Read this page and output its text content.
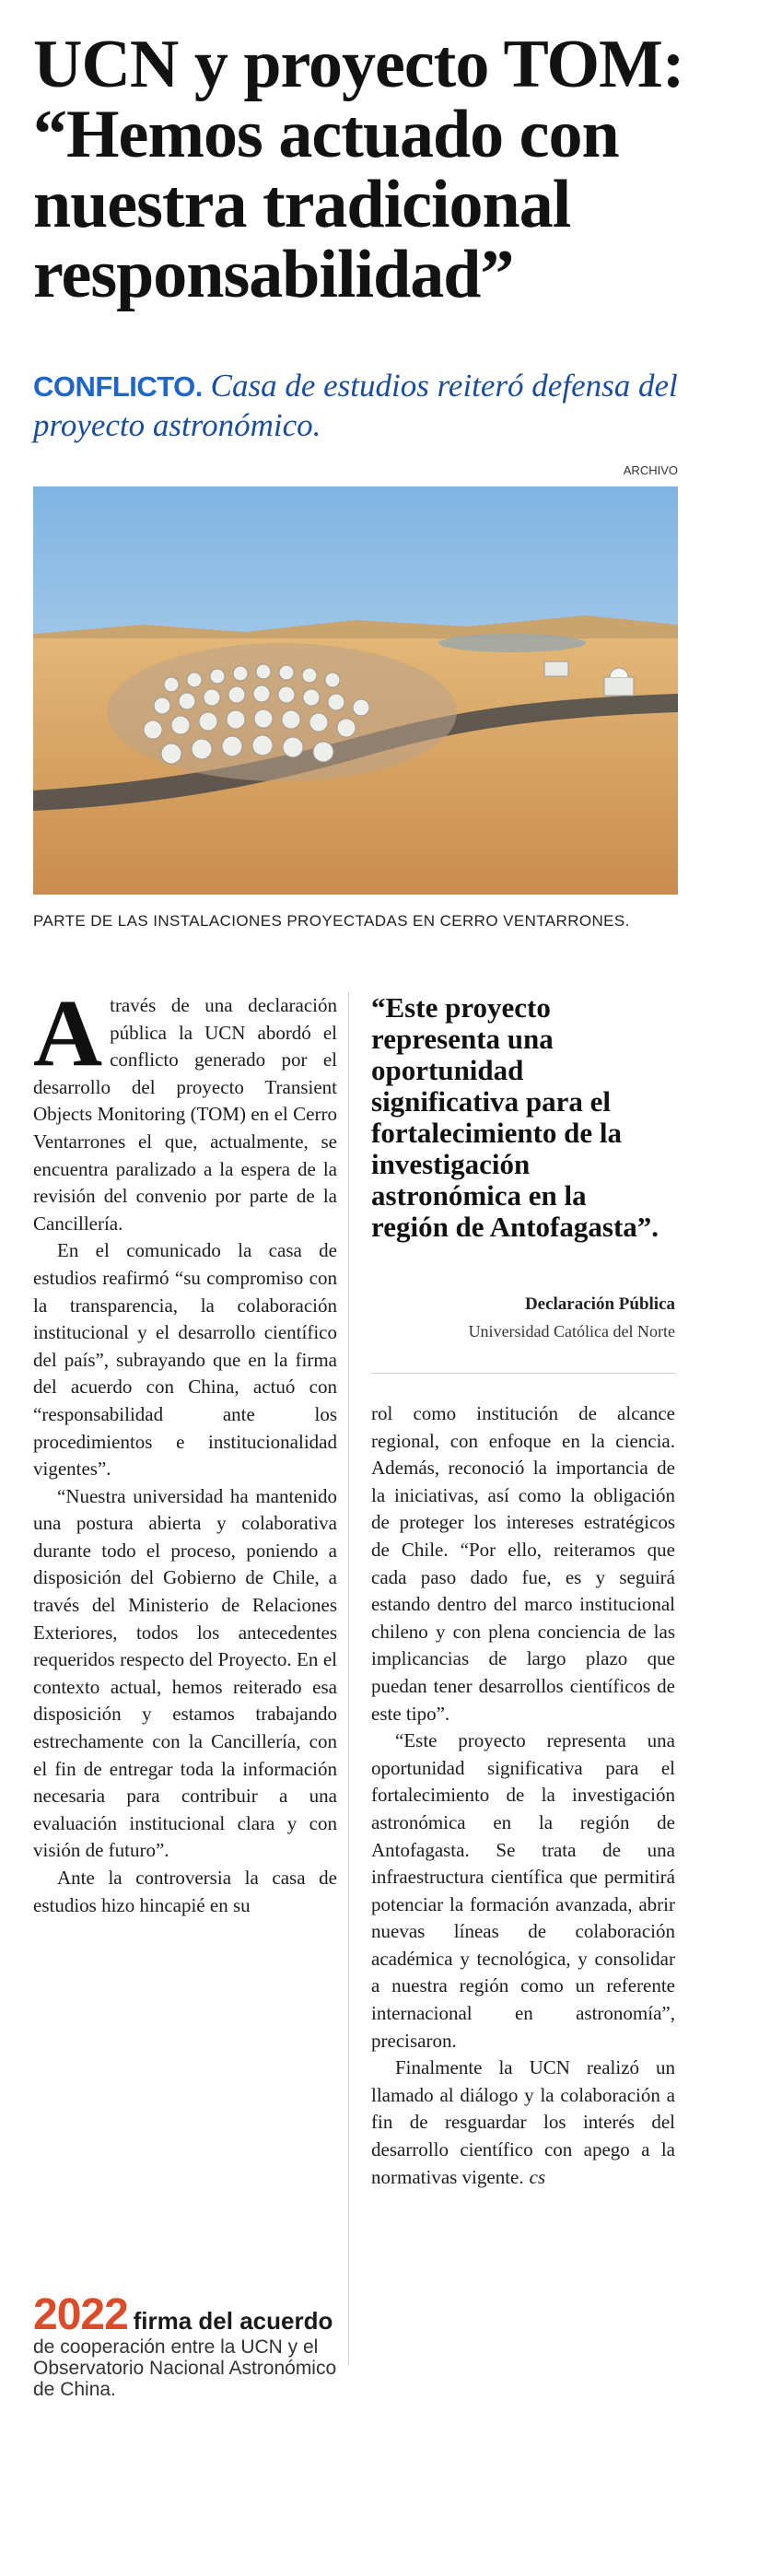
UCN y proyecto TOM:
“Hemos actuado con
nuestra tradicional
responsabilidad”
CONFLICTO. Casa de estudios reiteró defensa del proyecto astronómico.
ARCHIVO
PARTE DE LAS INSTALACIONES PROYECTADAS EN CERRO VENTARRONES.

Através de una declaración pública la UCN abordó el conflicto generado por el desarrollo del proyecto Transient Objects Monitoring (TOM) en el Cerro Ventarrones el que, actualmente, se encuentra paralizado a la espera de la revisión del convenio por parte de la Cancillería.

En el comunicado la casa de estudios reafirmó “su compromiso con la transparencia, la colaboración institucional y el desarrollo científico del país”, subrayando que en la firma del acuerdo con China, actuó con “responsabilidad ante los procedimientos e institucionalidad vigentes”.

“Nuestra universidad ha mantenido una postura abierta y colaborativa durante todo el proceso, poniendo a disposición del Gobierno de Chile, a través del Ministerio de Relaciones Exteriores, todos los antecedentes requeridos respecto del Proyecto. En el contexto actual, hemos reiterado esa disposición y estamos trabajando estrechamente con la Cancillería, con el fin de entregar toda la información necesaria para contribuir a una evaluación institucional clara y con visión de futuro”.

Ante la controversia la casa de estudios hizo hincapié en su

“Este proyecto representa una oportunidad significativa para el fortalecimiento de la investigación astronómica en la región de Antofagasta”.
Declaración Pública
Universidad Católica del Norte

rol como institución de alcance regional, con enfoque en la ciencia. Además, reconoció la importancia de la iniciativas, así como la obligación de proteger los intereses estratégicos de Chile. “Por ello, reiteramos que cada paso dado fue, es y seguirá estando dentro del marco institucional chileno y con plena conciencia de las implicancias de largo plazo que puedan tener desarrollos científicos de este tipo”.

“Este proyecto representa una oportunidad significativa para el fortalecimiento de la investigación astronómica en la región de Antofagasta. Se trata de una infraestructura científica que permitirá potenciar la formación avanzada, abrir nuevas líneas de colaboración académica y tecnológica, y consolidar a nuestra región como un referente internacional en astronomía”, precisaron.

Finalmente la UCN realizó un llamado al diálogo y la colaboración a fin de resguardar los interés del desarrollo científico con apego a la normativas vigente. cs

2022 firma del acuerdo de cooperación entre la UCN y el Observatorio Nacional Astronómico de China.
